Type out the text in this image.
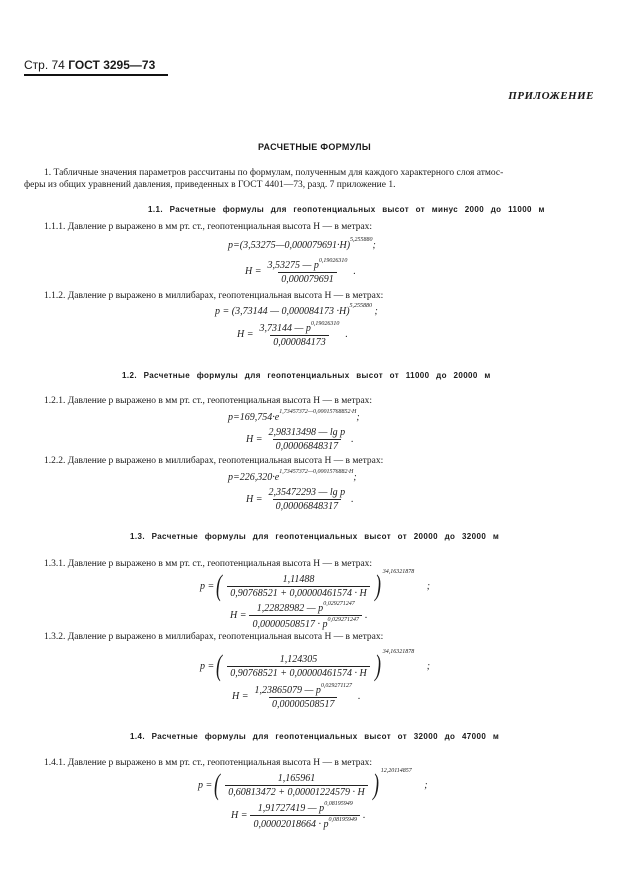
Стр. 74 ГОСТ 3295—73
ПРИЛОЖЕНИЕ
РАСЧЕТНЫЕ ФОРМУЛЫ
1. Табличные значения параметров рассчитаны по формулам, полученным для каждого характерного слоя атмос-
феры из общих уравнений давления, приведенных в ГОСТ 4401—73, разд. 7 приложение 1.
1.1. Расчетные формулы для геопотенциальных высот от минус 2000 до 11000 м
1.1.1. Давление p выражено в мм рт. ст., геопотенциальная высота H — в метрах:
p= (3,53275—0,000079691·H)$^{5,255880}$ ;
$H = \frac{3,53275 — p^{0,19026310}}{0,000079691}$ .
1.1.2. Давление p выражено в миллибарах, геопотенциальная высота H — в метрах:
p =
(3,73144 — 0,000084173 ·H)$^{5,255880}$
;
$H = \frac{3,73144 — p^{0,19026310}}{0,000084173}$ .
1.2. Расчетные формулы для геопотенциальных высот от 11000 до 20000 м
1.2.1. Давление p выражено в мм рт. ст., геопотенциальная высота H — в метрах:
$p= 169,754\cdot e^{1,73457372—0,00015768852\cdot H}$ ;
$H = \frac{\text{2,98313498 — lg p}}{0,00006848317}$ .
1.2.2. Давление p выражено в миллибарах, геопотенциальная высота H — в метрах:
$p= 226,320\cdot e^{1,73457372—0,0001576882\cdot H}$ ;
$H = \frac{\text{2,35472293 — lg p}}{0,00006848317}$ .
1.3. Расчетные формулы для геопотенциальных высот от 20000 до 32000 м
1.3.1. Давление p выражено в мм рт. ст., геопотенциальная высота H — в метрах:
p = ( $\frac{1,11488}{0,90768521 + 0,00000461574 \cdot H}$ ) 34,16321878

;
$H = \frac{1,22828982 — p^{0,029271247}}{0,00000508517 \cdot p^{0,029271247}}$ .
1.3.2. Давление p выражено в миллибарах, геопотенциальная высота H — в метрах:
p = ( $\frac{1,124305}{0,90768521 + 0,00000461574 \cdot H}$ ) 34,16321878

;
$H = \frac{1,23865079 — p^{0,029271127}}{0,00000508517}$ .
1.4. Расчетные формулы для геопотенциальных высот от 32000 до 47000 м
1.4.1. Давление p выражено в мм рт. ст., геопотенциальная высота H — в метрах:
p = ( $\frac{1,165961}{0,60813472 + 0,00001224579 \cdot H}$ ) 12,20114857

;
$H = \frac{1,91727419 — p^{0,08195949}}{0,00002018664 \cdot p^{0,08195949}}$ .
